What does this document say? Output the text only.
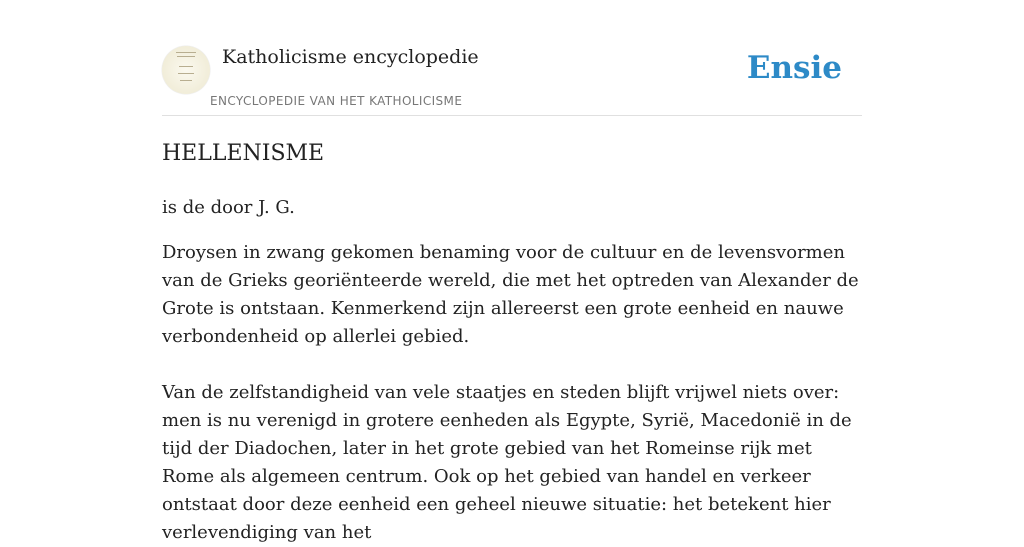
Katholicisme encyclopedie
ENCYCLOPEDIE VAN HET KATHOLICISME
Ensie
HELLENISME
is de door J. G.

Droysen in zwang gekomen benaming voor de cultuur en de levensvormen van de Grieks georiënteerde wereld, die met het optreden van Alexander de Grote is ontstaan. Kenmerkend zijn allereerst een grote eenheid en nauwe verbondenheid op allerlei gebied.

Van de zelfstandigheid van vele staatjes en steden blijft vrijwel niets over: men is nu verenigd in grotere eenheden als Egypte, Syrië, Macedonië in de tijd der Diadochen, later in het grote gebied van het Romeinse rijk met Rome als algemeen centrum. Ook op het gebied van handel en verkeer ontstaat door deze eenheid een geheel nieuwe situatie: het betekent hier verlevendiging van het
